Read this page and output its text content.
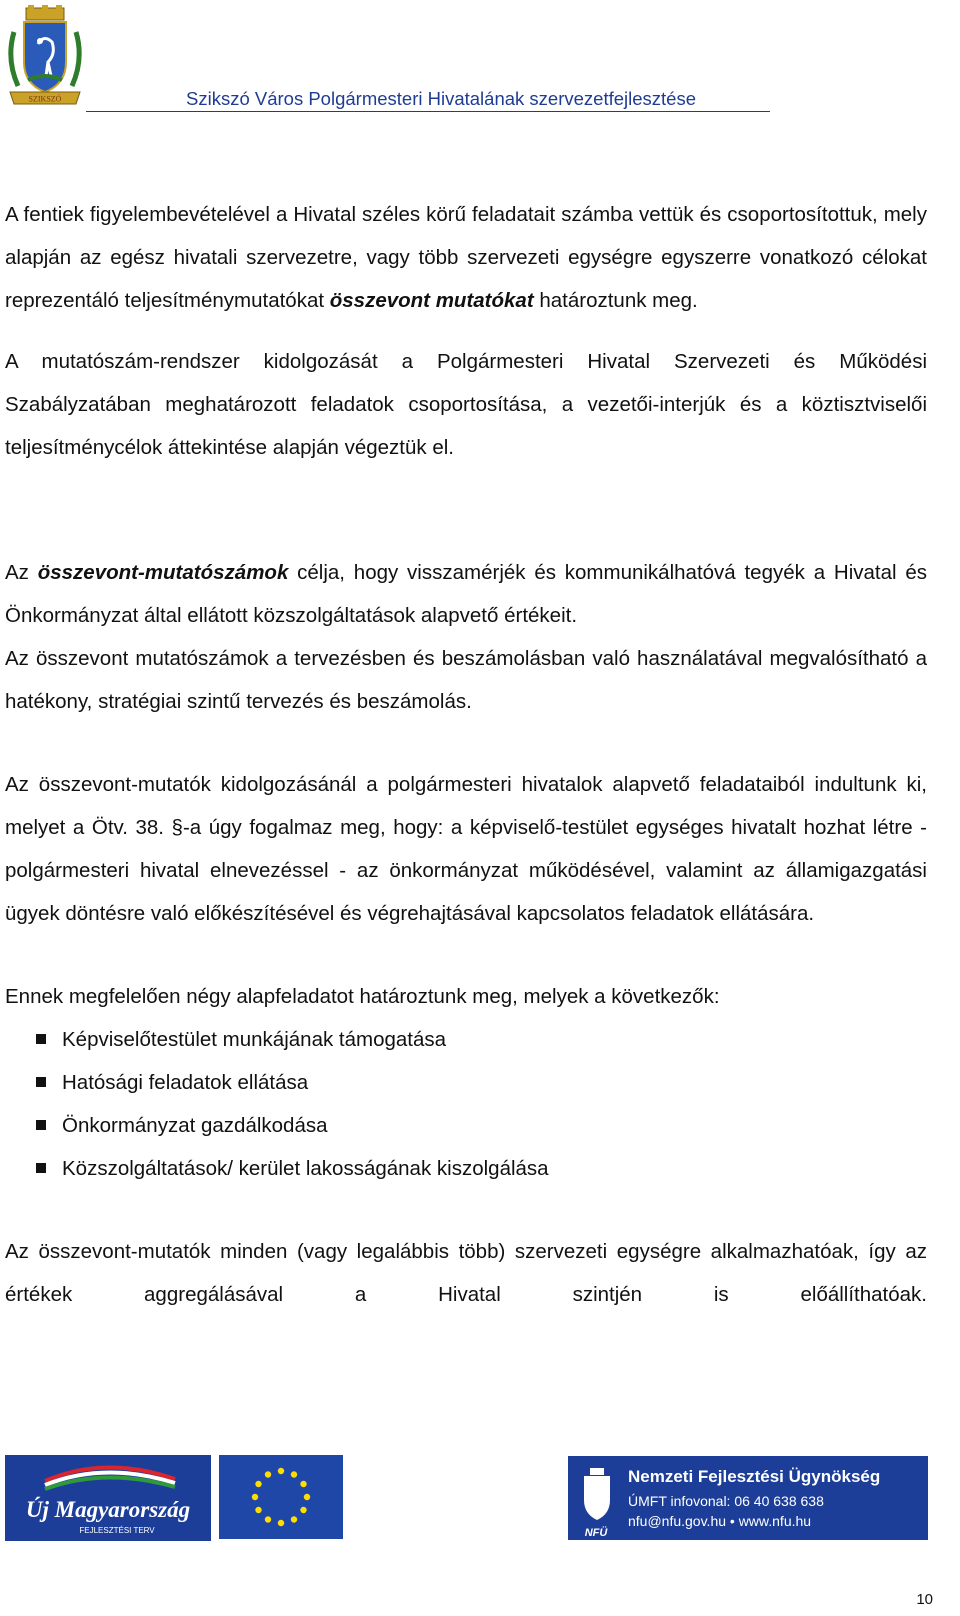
SZIKSZÓ	Szikszó Város Polgármesteri Hivatalának szervezetfejlesztése

A fentiek figyelembevételével a Hivatal széles körű feladatait számba vettük és csoportosítottuk, mely alapján az egész hivatali szervezetre, vagy több szervezeti egységre egyszerre vonatkozó célokat reprezentáló teljesítménymutatókat összevont mutatókat határoztunk meg.

A mutatószám-rendszer kidolgozását a Polgármesteri Hivatal Szervezeti és Működési Szabályzatában meghatározott feladatok csoportosítása, a vezetői-interjúk és a köztisztviselői teljesítménycélok áttekintése alapján végeztük el.

Az összevont-mutatószámok célja, hogy visszamérjék és kommunikálhatóvá tegyék a Hivatal és Önkormányzat által ellátott közszolgáltatások alapvető értékeit.

Az összevont mutatószámok a tervezésben és beszámolásban való használatával megvalósítható a hatékony, stratégiai szintű tervezés és beszámolás.

Az összevont-mutatók kidolgozásánál a polgármesteri hivatalok alapvető feladataiból indultunk ki, melyet a Ötv. 38. §-a úgy fogalmaz meg, hogy: a képviselő-testület egységes hivatalt hozhat létre - polgármesteri hivatal elnevezéssel - az önkormányzat működésével, valamint az államigazgatási ügyek döntésre való előkészítésével és végrehajtásával kapcsolatos feladatok ellátására.

Ennek megfelelően négy alapfeladatot határoztunk meg, melyek a következők:

Képviselőtestület munkájának támogatása
Hatósági feladatok ellátása
Önkormányzat gazdálkodása
Közszolgáltatások/ kerület lakosságának kiszolgálása

Az összevont-mutatók minden (vagy legalábbis több) szervezeti egységre alkalmazhatóak, így az értékek aggregálásával a Hivatal szintjén is előállíthatóak.

Új Magyarország
FEJLESZTÉSI TERV	NFÜ
Nemzeti Fejlesztési Ügynökség
ÚMFT infovonal: 06 40 638 638
nfu@nfu.gov.hu • www.nfu.hu
10
